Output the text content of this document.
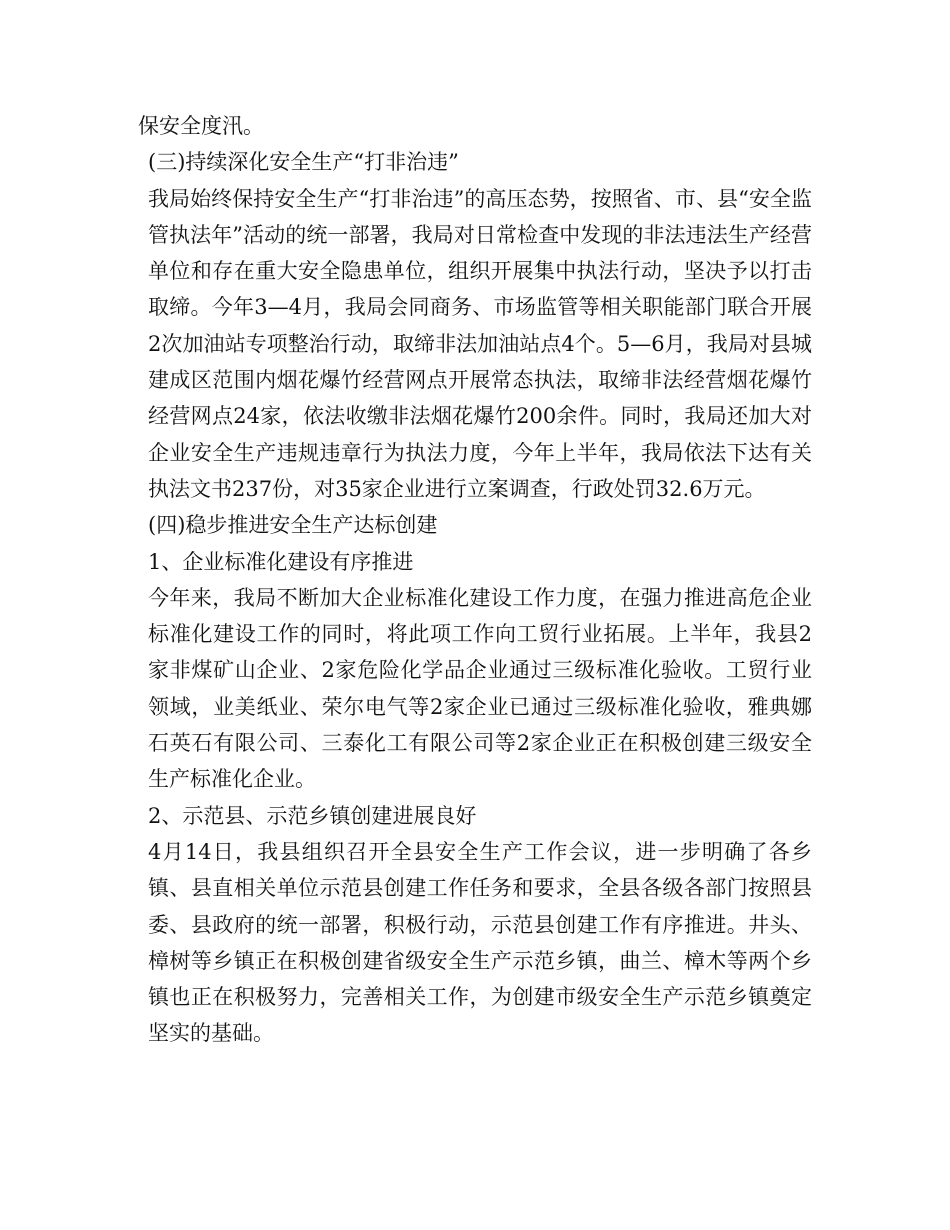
保安全度汛。

(三)持续深化安全生产“打非治违”

我局始终保持安全生产“打非治违”的高压态势，按照省、市、县“安全监管执法年”活动的统一部署，我局对日常检查中发现的非法违法生产经营单位和存在重大安全隐患单位，组织开展集中执法行动，坚决予以打击取缔。今年3—4月，我局会同商务、市场监管等相关职能部门联合开展2次加油站专项整治行动，取缔非法加油站点4个。5—6月，我局对县城建成区范围内烟花爆竹经营网点开展常态执法，取缔非法经营烟花爆竹经营网点24家，依法收缴非法烟花爆竹200余件。同时，我局还加大对企业安全生产违规违章行为执法力度，今年上半年，我局依法下达有关执法文书237份，对35家企业进行立案调查，行政处罚32.6万元。

(四)稳步推进安全生产达标创建

1、企业标准化建设有序推进

今年来，我局不断加大企业标准化建设工作力度，在强力推进高危企业标准化建设工作的同时，将此项工作向工贸行业拓展。上半年，我县2家非煤矿山企业、2家危险化学品企业通过三级标准化验收。工贸行业领域，业美纸业、荣尔电气等2家企业已通过三级标准化验收，雅典娜石英石有限公司、三泰化工有限公司等2家企业正在积极创建三级安全生产标准化企业。

2、示范县、示范乡镇创建进展良好

4月14日，我县组织召开全县安全生产工作会议，进一步明确了各乡镇、县直相关单位示范县创建工作任务和要求，全县各级各部门按照县委、县政府的统一部署，积极行动，示范县创建工作有序推进。井头、樟树等乡镇正在积极创建省级安全生产示范乡镇，曲兰、樟木等两个乡镇也正在积极努力，完善相关工作，为创建市级安全生产示范乡镇奠定坚实的基础。
